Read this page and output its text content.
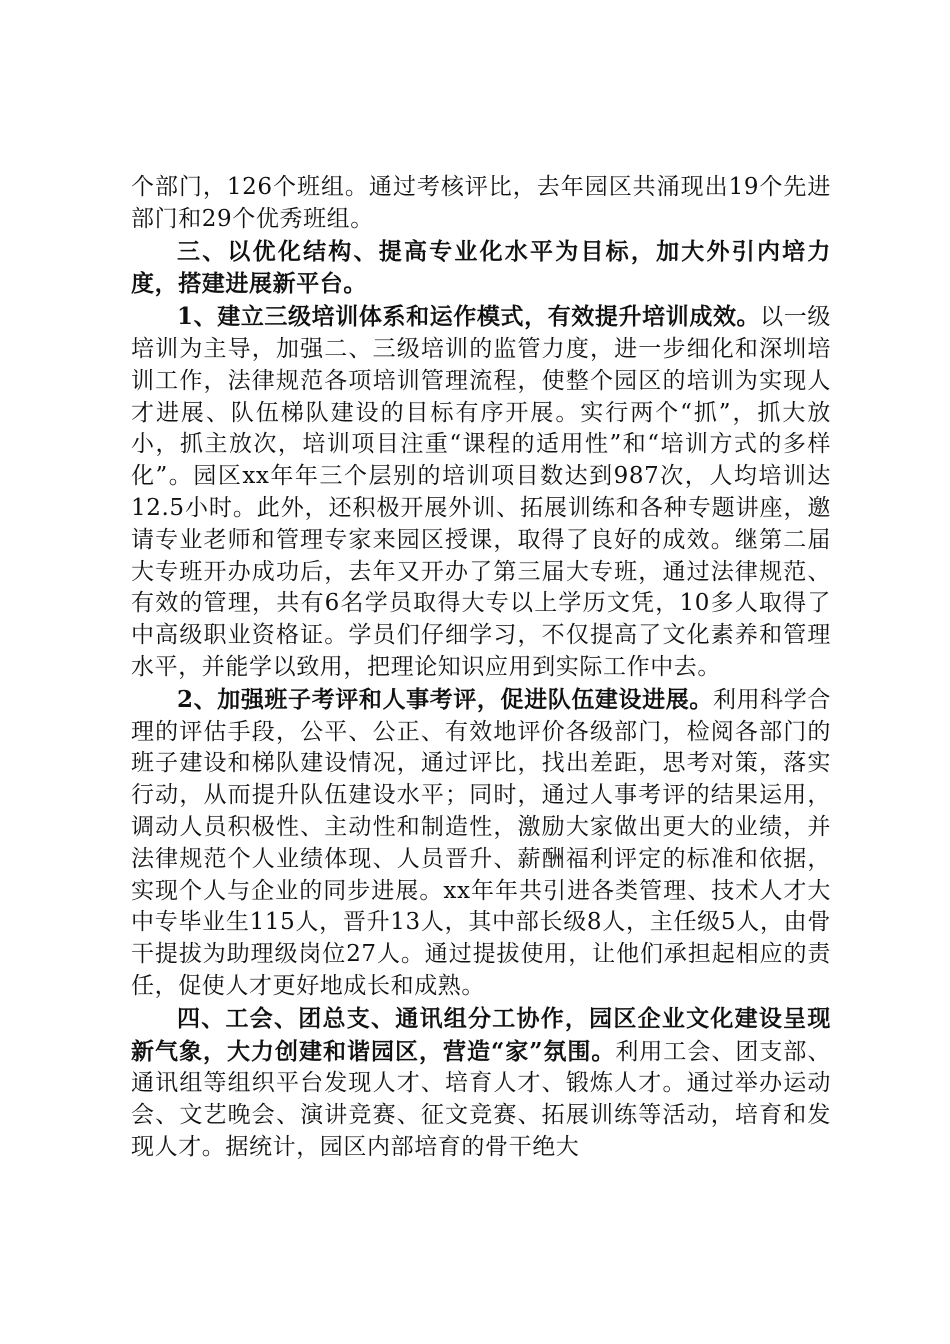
个部门，126个班组。通过考核评比，去年园区共涌现出19个先进部门和29个优秀班组。

三、以优化结构、提高专业化水平为目标，加大外引内培力度，搭建进展新平台。

1、建立三级培训体系和运作模式，有效提升培训成效。以一级培训为主导，加强二、三级培训的监管力度，进一步细化和深圳培训工作，法律规范各项培训管理流程，使整个园区的培训为实现人才进展、队伍梯队建设的目标有序开展。实行两个“抓”，抓大放小，抓主放次，培训项目注重“课程的适用性”和“培训方式的多样化”。园区xx年年三个层别的培训项目数达到987次，人均培训达12.5小时。此外，还积极开展外训、拓展训练和各种专题讲座，邀请专业老师和管理专家来园区授课，取得了良好的成效。继第二届大专班开办成功后，去年又开办了第三届大专班，通过法律规范、有效的管理，共有6名学员取得大专以上学历文凭，10多人取得了中高级职业资格证。学员们仔细学习，不仅提高了文化素养和管理水平，并能学以致用，把理论知识应用到实际工作中去。

2、加强班子考评和人事考评，促进队伍建设进展。利用科学合理的评估手段，公平、公正、有效地评价各级部门，检阅各部门的班子建设和梯队建设情况，通过评比，找出差距，思考对策，落实行动，从而提升队伍建设水平；同时，通过人事考评的结果运用，调动人员积极性、主动性和制造性，激励大家做出更大的业绩，并法律规范个人业绩体现、人员晋升、薪酬福利评定的标准和依据，实现个人与企业的同步进展。xx年年共引进各类管理、技术人才大中专毕业生115人，晋升13人，其中部长级8人，主任级5人，由骨干提拔为助理级岗位27人。通过提拔使用，让他们承担起相应的责任，促使人才更好地成长和成熟。

四、工会、团总支、通讯组分工协作，园区企业文化建设呈现新气象，大力创建和谐园区，营造“家”氛围。利用工会、团支部、通讯组等组织平台发现人才、培育人才、锻炼人才。通过举办运动会、文艺晚会、演讲竞赛、征文竞赛、拓展训练等活动，培育和发现人才。据统计，园区内部培育的骨干绝大
